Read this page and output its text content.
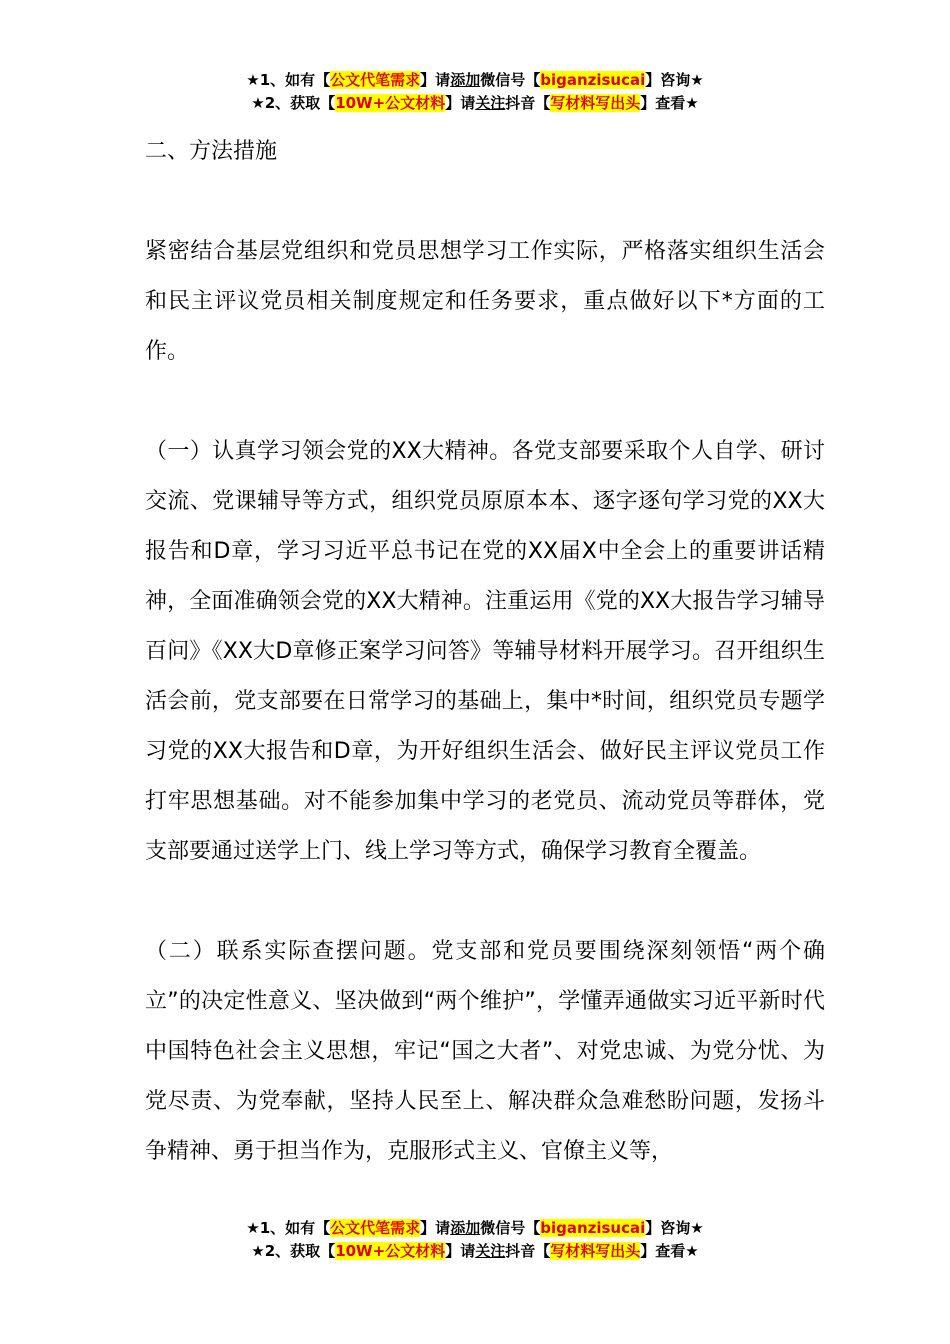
★1、如有【公文代笔需求】请添加微信号【biganzisucai】咨询★
★2、获取【10W+公文材料】请关注抖音【写材料写出头】查看★

二、方法措施

紧密结合基层党组织和党员思想学习工作实际，严格落实组织生活会和民主评议党员相关制度规定和任务要求，重点做好以下*方面的工作。

（一）认真学习领会党的XX大精神。各党支部要采取个人自学、研讨交流、党课辅导等方式，组织党员原原本本、逐字逐句学习党的XX大报告和D章，学习习近平总书记在党的XX届X中全会上的重要讲话精神，全面准确领会党的XX大精神。注重运用《党的XX大报告学习辅导百问》《XX大D章修正案学习问答》等辅导材料开展学习。召开组织生活会前，党支部要在日常学习的基础上，集中*时间，组织党员专题学习党的XX大报告和D章，为开好组织生活会、做好民主评议党员工作打牢思想基础。对不能参加集中学习的老党员、流动党员等群体，党支部要通过送学上门、线上学习等方式，确保学习教育全覆盖。

（二）联系实际查摆问题。党支部和党员要围绕深刻领悟“两个确立”的决定性意义、坚决做到“两个维护”，学懂弄通做实习近平新时代中国特色社会主义思想，牢记“国之大者”、对党忠诚、为党分忧、为党尽责、为党奉献，坚持人民至上、解决群众急难愁盼问题，发扬斗争精神、勇于担当作为，克服形式主义、官僚主义等，

★1、如有【公文代笔需求】请添加微信号【biganzisucai】咨询★
★2、获取【10W+公文材料】请关注抖音【写材料写出头】查看★
